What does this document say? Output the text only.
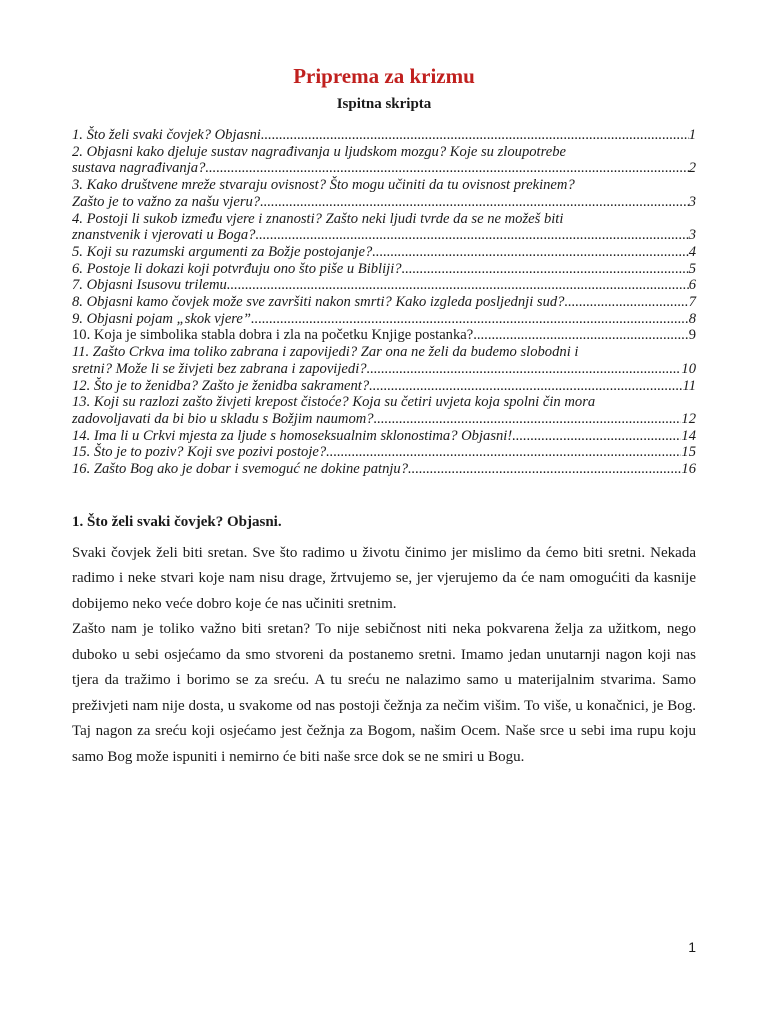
Priprema za krizmu
Ispitna skripta
1. Što želi svaki čovjek? Objasni. .....	1
2. Objasni kako djeluje sustav nagrađivanja u ljudskom mozgu? Koje su zloupotrebe
sustava nagrađivanja? .....	2
3. Kako društvene mreže stvaraju ovisnost? Što mogu učiniti da tu ovisnost prekinem?
Zašto je to važno za našu vjeru? .....	3
4. Postoji li sukob između vjere i znanosti? Zašto neki ljudi tvrde da se ne možeš biti
znanstvenik i vjerovati u Boga? .....	3
5. Koji su razumski argumenti za Božje postojanje? .....	4
6. Postoje li dokazi koji potvrđuju ono što piše u Bibliji? .....	5
7. Objasni Isusovu trilemu. .....	6
8. Objasni kamo čovjek može sve završiti nakon smrti? Kako izgleda posljednji sud? .....	7
9. Objasni pojam „skok vjere” .....	8
10. Koja je simbolika stabla dobra i zla na početku Knjige postanka? .....	9
11. Zašto Crkva ima toliko zabrana i zapovijedi? Zar ona ne želi da budemo slobodni i
sretni? Može li se živjeti bez zabrana i zapovijedi? .....	10
12. Što je to ženidba? Zašto je ženidba sakrament? .....	11
13. Koji su razlozi zašto živjeti krepost čistoće? Koja su četiri uvjeta koja spolni čin mora
zadovoljavati da bi bio u skladu s Božjim naumom? .....	12
14. Ima li u Crkvi mjesta za ljude s homoseksualnim sklonostima? Objasni! .....	14
15. Što je to poziv? Koji sve pozivi postoje? .....	15
16. Zašto Bog ako je dobar i svemoguć ne dokine patnju? .....	16
1. Što želi svaki čovjek? Objasni.

Svaki čovjek želi biti sretan. Sve što radimo u životu činimo jer mislimo da ćemo biti sretni. Nekada radimo i neke stvari koje nam nisu drage, žrtvujemo se, jer vjerujemo da će nam omogućiti da kasnije dobijemo neko veće dobro koje će nas učiniti sretnim.

Zašto nam je toliko važno biti sretan? To nije sebičnost niti neka pokvarena želja za užitkom, nego duboko u sebi osjećamo da smo stvoreni da postanemo sretni. Imamo jedan unutarnji nagon koji nas tjera da tražimo i borimo se za sreću. A tu sreću ne nalazimo samo u materijalnim stvarima. Samo preživjeti nam nije dosta, u svakome od nas postoji čežnja za nečim višim. To više, u konačnici, je Bog. Taj nagon za sreću koji osjećamo jest čežnja za Bogom, našim Ocem. Naše srce u sebi ima rupu koju samo Bog može ispuniti i nemirno će biti naše srce dok se ne smiri u Bogu.

1
